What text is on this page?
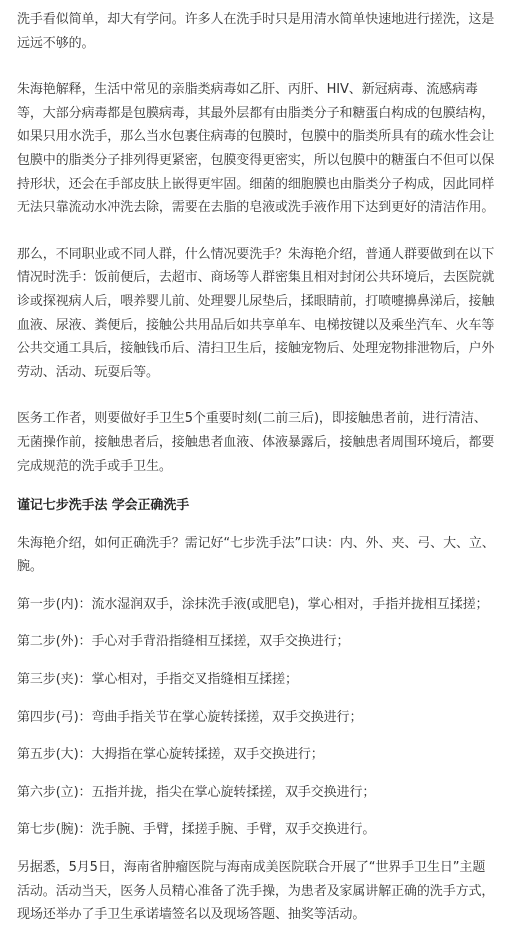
洗手看似简单，却大有学问。许多人在洗手时只是用清水简单快速地进行搓洗，这是远远不够的。

朱海艳解释，生活中常见的亲脂类病毒如乙肝、丙肝、HIV、新冠病毒、流感病毒等，大部分病毒都是包膜病毒，其最外层都有由脂类分子和糖蛋白构成的包膜结构，如果只用水洗手，那么当水包裹住病毒的包膜时，包膜中的脂类所具有的疏水性会让包膜中的脂类分子排列得更紧密，包膜变得更密实，所以包膜中的糖蛋白不但可以保持形状，还会在手部皮肤上嵌得更牢固。细菌的细胞膜也由脂类分子构成，因此同样无法只靠流动水冲洗去除，需要在去脂的皂液或洗手液作用下达到更好的清洁作用。

那么，不同职业或不同人群，什么情况要洗手？朱海艳介绍，普通人群要做到在以下情况时洗手：饭前便后，去超市、商场等人群密集且相对封闭公共环境后，去医院就诊或探视病人后，喂养婴儿前、处理婴儿尿垫后，揉眼睛前，打喷嚏擤鼻涕后，接触血液、尿液、粪便后，接触公共用品后如共享单车、电梯按键以及乘坐汽车、火车等公共交通工具后，接触钱币后、清扫卫生后，接触宠物后、处理宠物排泄物后，户外劳动、活动、玩耍后等。

医务工作者，则要做好手卫生5个重要时刻(二前三后)，即接触患者前，进行清洁、无菌操作前，接触患者后，接触患者血液、体液暴露后，接触患者周围环境后，都要完成规范的洗手或手卫生。

谨记七步洗手法 学会正确洗手

朱海艳介绍，如何正确洗手？需记好“七步洗手法”口诀：内、外、夹、弓、大、立、腕。

第一步(内)：流水湿润双手，涂抹洗手液(或肥皂)，掌心相对，手指并拢相互揉搓；

第二步(外)：手心对手背沿指缝相互揉搓，双手交换进行；

第三步(夹)：掌心相对，手指交叉指缝相互揉搓；

第四步(弓)：弯曲手指关节在掌心旋转揉搓，双手交换进行；

第五步(大)：大拇指在掌心旋转揉搓，双手交换进行；

第六步(立)：五指并拢，指尖在掌心旋转揉搓，双手交换进行；

第七步(腕)：洗手腕、手臂，揉搓手腕、手臂，双手交换进行。

另据悉，5月5日，海南省肿瘤医院与海南成美医院联合开展了“世界手卫生日”主题活动。活动当天，医务人员精心准备了洗手操，为患者及家属讲解正确的洗手方式，现场还举办了手卫生承诺墙签名以及现场答题、抽奖等活动。
